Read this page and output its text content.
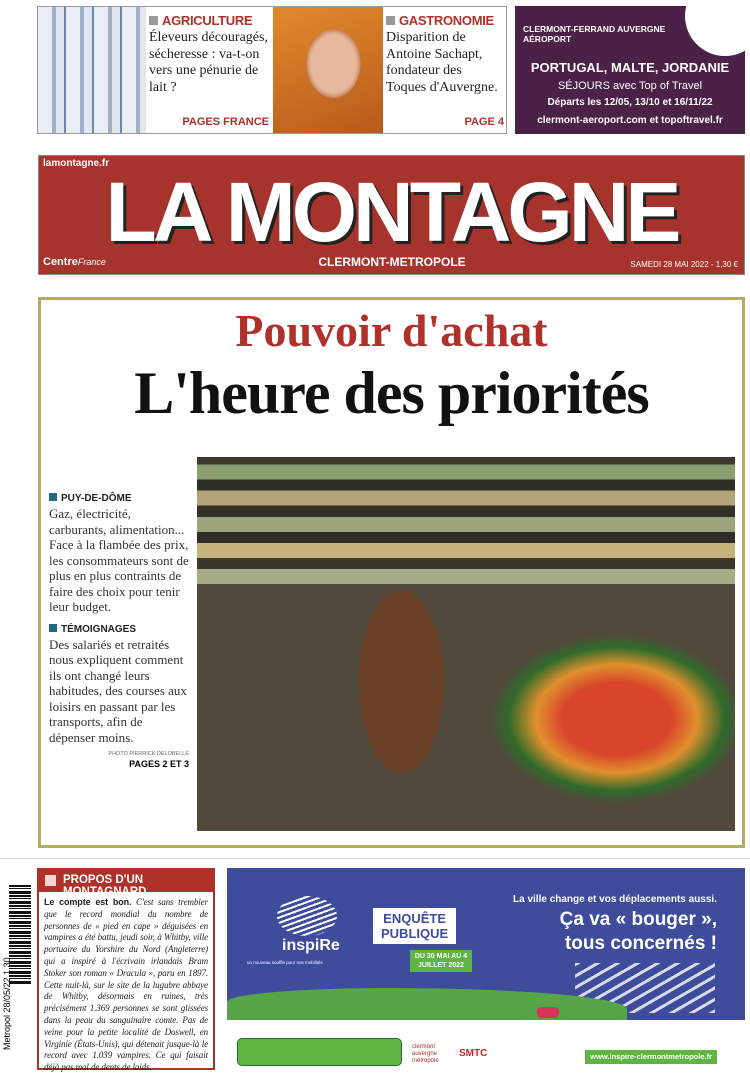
AGRICULTURE
Éleveurs découragés, sécheresse : va-t-on vers une pénurie de lait ?
PAGES FRANCE
GASTRONOMIE
Disparition de Antoine Sachapt, fondateur des Toques d'Auvergne.
PAGE 4
CLERMONT-FERRAND AUVERGNE AÉROPORT
PORTUGAL, MALTE, JORDANIE
SÉJOURS avec Top of Travel
Départs les 12/05, 13/10 et 16/11/22
clermont-aeroport.com et topoftravel.fr
lamontagne.fr
LA MONTAGNE
CentreFrance	CLERMONT-METROPOLE	SAMEDI 28 MAI 2022 - 1,30 €
Pouvoir d'achat
L'heure des priorités
PUY-DE-DÔME

Gaz, électricité, carburants, alimentation... Face à la flambée des prix, les consommateurs sont de plus en plus contraints de faire des choix pour tenir leur budget.

TÉMOIGNAGES

Des salariés et retraités nous expliquent comment ils ont changé leurs habitudes, des courses aux loisirs en passant par les transports, afin de dépenser moins.

PHOTO PIERRICK DELOBELLE
PAGES 2 ET 3
Metropol 28/05/22 1,30
PROPOS D'UN MONTAGNARD

Le compte est bon. C'est sans trembler que le record mondial du nombre de personnes de « pied en cape » déguisées en vampires a été battu, jeudi soir, à Whitby, ville portuaire du Yorshire du Nord (Angleterre) qui a inspiré à l'écrivain irlandais Bram Stoker son roman « Dracula », paru en 1897. Cette nuit-là, sur le site de la lugubre abbaye de Whitby, désormais en ruines, très précisément 1.369 personnes se sont glissées dans la peau du sanguinaire comte. Pas de veine pour la petite localité de Doswell, en Virginie (États-Unis), qui détenait jusque-là le record avec 1.039 vampires. Ce qui faisait déjà pas mal de dents de laids.

inspiRe
un nouveau souffle pour nos mobilités
ENQUÊTE
PUBLIQUE
DU 30 MAI AU 4 JUILLET 2022
La ville change et vos déplacements aussi.
Ça va « bouger »,
tous concernés !
clermont auvergne métropole
SMTC	www.inspire-clermontmetropole.fr
